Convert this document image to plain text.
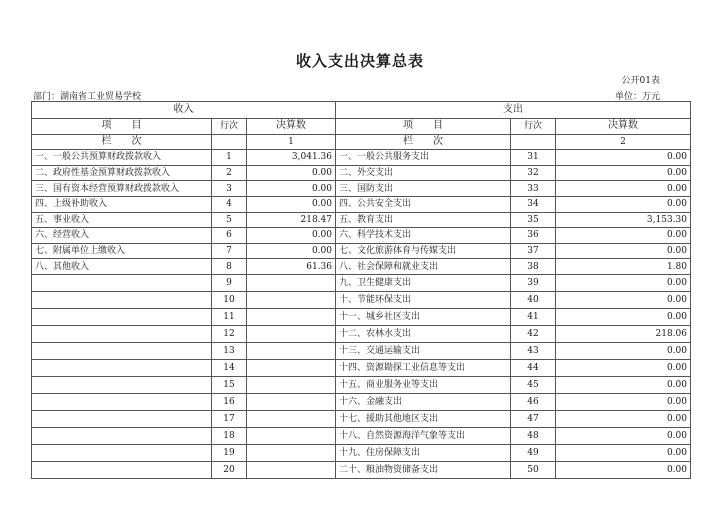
收入支出决算总表
公开01表
部门：湖南省工业贸易学校	单位：万元
收入			支出		
项　　目	行次	决算数	项　　目	行次	决算数
栏　　次		1	栏　　次		2
一、一般公共预算财政拨款收入	1	3,041.36	一、一般公共服务支出	31	0.00
二、政府性基金预算财政拨款收入	2	0.00	二、外交支出	32	0.00
三、国有资本经营预算财政拨款收入	3	0.00	三、国防支出	33	0.00
四、上级补助收入	4	0.00	四、公共安全支出	34	0.00
五、事业收入	5	218.47	五、教育支出	35	3,153.30
六、经营收入	6	0.00	六、科学技术支出	36	0.00
七、附属单位上缴收入	7	0.00	七、文化旅游体育与传媒支出	37	0.00
八、其他收入	8	61.36	八、社会保障和就业支出	38	1.80
	9		九、卫生健康支出	39	0.00
	10		十、节能环保支出	40	0.00
	11		十一、城乡社区支出	41	0.00
	12		十二、农林水支出	42	218.06
	13		十三、交通运输支出	43	0.00
	14		十四、资源勘探工业信息等支出	44	0.00
	15		十五、商业服务业等支出	45	0.00
	16		十六、金融支出	46	0.00
	17		十七、援助其他地区支出	47	0.00
	18		十八、自然资源海洋气象等支出	48	0.00
	19		十九、住房保障支出	49	0.00
	20		二十、粮油物资储备支出	50	0.00
